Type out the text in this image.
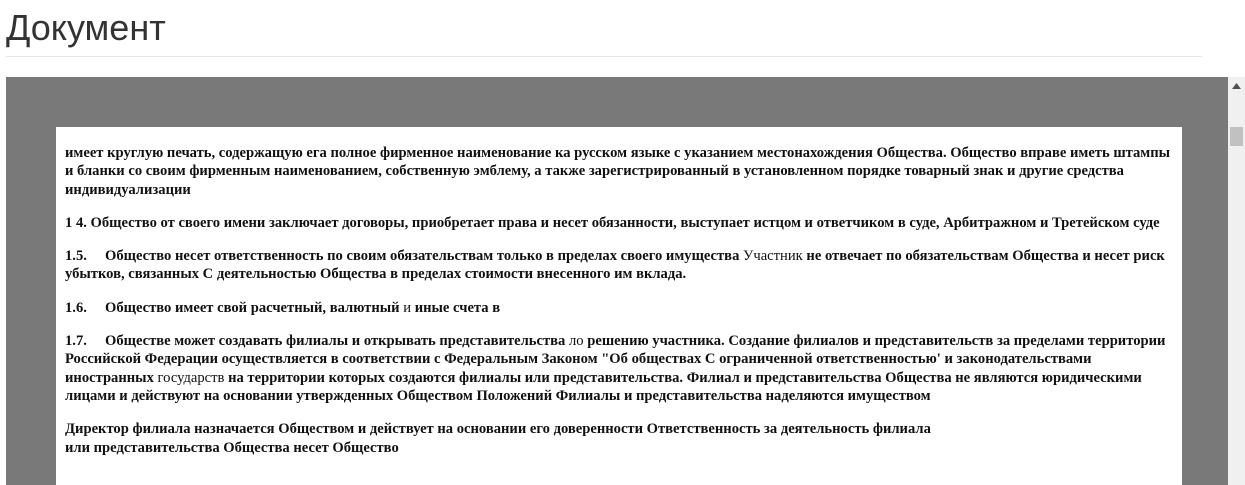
Документ

имеет круглую печать, содержащую ега полное фирменное наименование ка русском языке с указанием местонахождения Общества. Общество вправе иметь штампы и бланки со своим фирменным наименованием, собственную эмблему, а также зарегистрированный в установленном порядке товарный знак и другие средства индивидуализации

1 4. Общество от своего имени заключает договоры, приобретает права и несет обязанности, выступает истцом и ответчиком в суде, Арбитражном и Третейском суде

1.5. Общество несет ответственность по своим обязательствам только в пределах своего имущества Участник не отвечает по обязательствам Общества и несет риск убытков, связанных С деятельностью Общества в пределах стоимости внесенного им вклада.

1.6. Общество имеет свой расчетный, валютный и иные счета в

1.7. Обществе может создавать филиалы и открывать представительства ло решению участника. Создание филиалов и представительств за пределами территории Российской Федерации осуществляется в соответствии с Федеральным Законом "Об обществах С ограниченной ответственностью' и законодательствами иностранных государств на территории которых создаются филиалы или представительства. Филиал и представительства Общества не являются юридическими лицами и действуют на основании утвержденных Обществом Положений Филиалы и представительства наделяются имуществом

Директор филиала назначается Обществом и действует на основании его доверенности Ответственность за деятельность филиала
или представительства Общества несет Общество
